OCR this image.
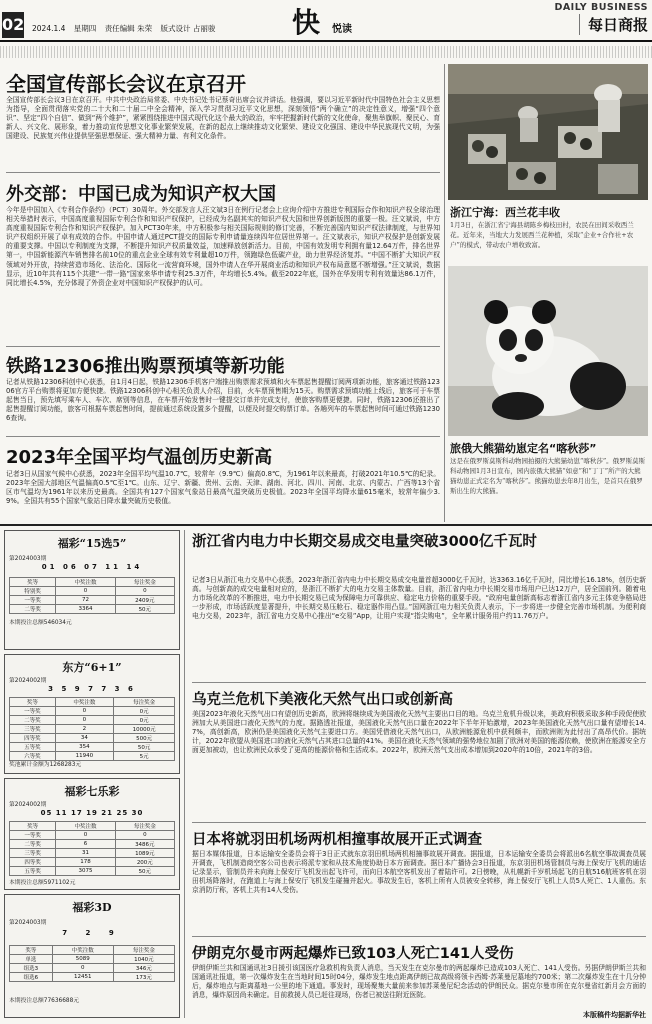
02 2024.1.4 星期四 责任编辑 朱荣 版式设计 占丽骏	快 悦读
DAILY BUSINESS
每日商报
全国宣传部长会议在京召开
全国宣传部长会议3日在京召开。中共中央政治局常委、中央书记处书记蔡奇出席会议并讲话。他强调，要以习近平新时代中国特色社会主义思想为指导，全面贯彻落实党的二十大和二十届二中全会精神，深入学习贯彻习近平文化思想，深刻领悟“两个确立”的决定性意义，增强“四个意识”、坚定“四个自信”、做到“两个维护”，紧紧围绕推进中国式现代化这个最大的政治，牢牢把握新时代新的文化使命，聚焦举旗帜、聚民心、育新人、兴文化、展形象，着力推动宣传思想文化事业繁荣发展，在新的起点上继续推动文化繁荣、建设文化强国、建设中华民族现代文明，为强国建设、民族复兴伟业提供坚强思想保证、强大精神力量、有利文化条件。
外交部：中国已成为知识产权大国
今年是中国加入《专利合作条约》（PCT）30周年。外交部发言人汪文斌3日在例行记者会上应询介绍中方推进专利国际合作和知识产权全球治理相关举措时表示，中国高度重视国际专利合作和知识产权保护，已经成为名副其实的知识产权大国和世界创新版图的重要一极。汪文斌说，中方高度重视国际专利合作和知识产权保护。加入PCT30年来，中方积极参与相关国际规则的修订完善，不断完善国内知识产权法律制度，与世界知识产权组织开展了卓有成效的合作。中国申请人通过PCT提交的国际专利申请量连续四年位居世界第一。汪文斌表示，知识产权保护是创新发展的重要支撑。中国以专利制度为支撑，不断提升知识产权质量效益，加速释放创新活力。目前，中国有效发明专利拥有量12.64万件，排名世界第一，中国新能源汽车销售排名前10位的重点企业全球有效专利量超10万件，领跑绿色低碳产业，助力世界经济复苏。“中国不断扩大知识产权领域对外开放，持续营造市场化、法治化、国际化一流营商环境，国外申请人在华开展商业活动和知识产权布局意愿不断增强。”汪文斌说，数据显示，近10年共有115个共建“一带一路”国家来华申请专利25.3万件，年均增长5.4%。截至2022年底，国外在华发明专利有效量达86.1万件，同比增长4.5%，充分体现了外资企业对中国知识产权保护的认可。
铁路12306推出购票预填等新功能
记者从铁路12306科创中心获悉，自1月4日起，铁路12306手机客户端推出购票需求预填和火车票起售提醒订阅两项新功能，旅客通过铁路12306官方平台购票将更加方便快捷。铁路12306科创中心相关负责人介绍，目前，火车票预售期为15天。购票需求预填功能上线后，旅客可于车票起售当日，预先填写乘车人、车次、席别等信息，在车票开始发售时一键提交订单并完成支付，使旅客购票更便捷。同时，铁路12306还推出了起售提醒订阅功能，旅客可根据车票起售时间，提前通过系统设置多个提醒，以便及时提交购票订单。各趟列车的车票起售时间可通过铁路12306查询。
2023年全国平均气温创历史新高
记者3日从国家气候中心获悉，2023年全国平均气温10.7℃，较常年（9.9℃）偏高0.8℃，为1961年以来最高，打破2021年10.5℃的纪录。2023年全国大部地区气温偏高0.5℃至1℃。山东、辽宁、新疆、贵州、云南、天津、湖南、河北、四川、河南、北京、内蒙古、广西等13个省区市气温均为1961年以来历史最高。全国共有127个国家气象站日最高气温突破历史极值。2023年全国平均降水量615毫米，较常年偏少3.9%。全国共有55个国家气象站日降水量突破历史极值。
浙江宁海：西兰花丰收
1月3日，在浙江省宁海县胡陈乡梅枝田村，农民在田间采收西兰花。近年来，当地大力发展西兰花种植，采取“企业+合作社+农户”的模式，带动农户增收致富。
旅俄大熊猫幼崽定名“喀秋莎”
这是在俄罗斯莫斯科动物园拍摄的大熊猫幼崽“喀秋莎”。俄罗斯莫斯科动物园1月3日宣布，园内旅俄大熊猫“如意”和“丁丁”所产的大熊猫幼崽正式定名为“喀秋莎”。熊猫幼崽去年8月出生，是首只在俄罗斯出生的大熊猫。
福彩“15选5”
第2024003期
01 06 07 11 14
奖等	中奖注数	每注奖金
特别奖	0	0
一等奖	72	2409元
二等奖	3364	50元
本期投注总额546034元
东方“6+1”
第2024002期
3 5 9 7 7 3 6
奖等	中奖注数	每注奖金
一等奖	0	0元
二等奖	0	0元
三等奖	2	10000元
四等奖	34	500元
五等奖	354	50元
六等奖	11940	5元
奖池累计金额为1268283元
福彩七乐彩
第2024002期
05 11 17 19 21 25 30
奖等	中奖注数	每注奖金
一等奖	0	0
二等奖	6	3486元
三等奖	31	1089元
四等奖	178	200元
五等奖	3075	50元
本期投注总额5971102元
福彩3D
第2024003期
7 2 9
奖等	中奖注数	每注奖金
单选	5089	1040元
组选3	0	346元
组选6	12451	173元
本期投注总额77636688元
浙江省内电力中长期交易成交电量突破3000亿千瓦时
记者3日从浙江电力交易中心获悉，2023年浙江省内电力中长期交易成交电量首超3000亿千瓦时，达3363.16亿千瓦时，同比增长16.18%，创历史新高。与创新高的成交电量相对应的，是浙江不断扩大的电力交易主体数量。目前，浙江省内电力中长期交易市场用户已达12万户，居全国前列。随着电力市场化改革的不断推进，电力中长期交易已成为保障电力可靠供应、稳定电力价格的重要手段。“政府电量创新高标志着浙江省内多元主体竞争格局进一步形成，市场活跃度显著提升，中长期交易压舱石、稳定器作用凸显。”国网浙江电力相关负责人表示，下一步将进一步健全完善市场机制。为便利商电力交易，2023年，浙江省电力交易中心推出“e交易”App，让用户实现“指尖购电”，全年累计服务用户约11.76万户。
乌克兰危机下美液化天然气出口或创新高
美国2023年液化天然气出口有望创历史新高，欧洲将继续成为美国液化天然气主要出口目的地。乌克兰危机升级以来，美政府积极采取多种手段促使欧洲加大从美国进口液化天然气的力度。据路透社报道，美国液化天然气出口量在2022年下半年开始激增，2023年美国液化天然气出口量有望增长14.7%，高创新高，欧洲仍是美国液化天然气主要进口方。美国凭借液化天然气出口，从欧洲能源危机中获利颇丰，而欧洲则为此付出了高昂代价。据统计，2022年欧盟从美国进口的液化天然气占其进口总量的41%。美国在液化天然气领域的强势地位加剧了欧洲对美国的能源依赖，使欧洲在能源安全方面更加被动，也让欧洲民众承受了更高的能源价格和生活成本。2022年，欧洲天然气支出成本增加到2020年的10倍，2021年的3倍。
日本将就羽田机场两机相撞事故展开正式调查
据日本媒体报道，日本运输安全委员会将于3日正式就东京羽田机场两机相撞事故展开调查。据报道，日本运输安全委员会将派出6名航空事故调查员展开调查，飞机制造商空客公司也表示将派专家和从技术角度协助日本方面调查。据日本广播协会3日报道，东京羽田机场管制员与海上保安厅飞机的通话记录显示，管制员并未向海上保安厅飞机发出起飞许可，而向日本航空客机发出了着陆许可。2日傍晚，从札幌新千岁机场起飞的日航516航班客机在羽田机场降落时，在跑道上与海上保安厅飞机发生碰撞并起火。事故发生后，客机上所有人员被安全转移，海上保安厅飞机上人员5人死亡、1人重伤。东京消防厅称，客机上共有14人受伤。
伊朗克尔曼市两起爆炸已致103人死亡141人受伤
伊朗伊斯兰共和国通讯社3日援引该国医疗急救机构负责人消息，当天发生在克尔曼市的两起爆炸已造成103人死亡、141人受伤。另据伊朗伊斯兰共和国通讯社报道，第一次爆炸发生在当地时间15时04分，爆炸发生地点距离伊朗已故高级将领卡西姆·苏莱曼尼墓地约700米；第二次爆炸发生在十几分钟后，爆炸地点与距离墓地一公里的地下通道。事发时，现场聚集大量前来参加苏莱曼尼纪念活动的伊朗民众。据克尔曼市所在克尔曼省红新月会方面的消息，爆炸原因尚未确定。目前救援人员已赶往现场，伤者已被送往附近医院。
本版稿件均据新华社
